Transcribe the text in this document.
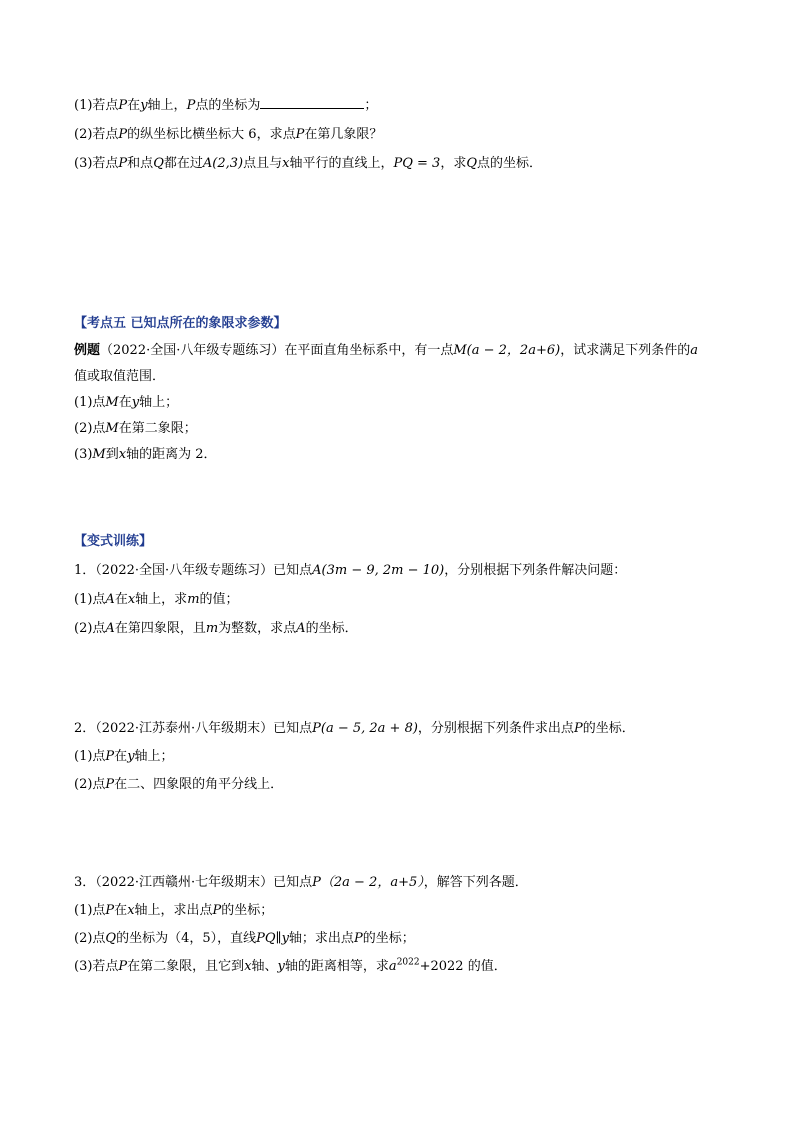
(1)若点P在y轴上，P点的坐标为	；
(2)若点P的纵坐标比横坐标大 6，求点P在第几象限？
(3)若点P和点Q都在过A(2,3)点且与x轴平行的直线上，PQ = 3，求Q点的坐标．
【考点五 已知点所在的象限求参数】
例题（2022·全国·八年级专题练习）在平面直角坐标系中，有一点M(a − 2，2a+6)，试求满足下列条件的a
值或取值范围．
(1)点M在y轴上；
(2)点M在第二象限；
(3)M到x轴的距离为 2．
【变式训练】
1．（2022·全国·八年级专题练习）已知点A(3m − 9, 2m − 10)，分别根据下列条件解决问题：
(1)点A在x轴上，求m的值；
(2)点A在第四象限，且m为整数，求点A的坐标．
2．（2022·江苏泰州·八年级期末）已知点P(a − 5, 2a + 8)，分别根据下列条件求出点P的坐标．
(1)点P在y轴上；
(2)点P在二、四象限的角平分线上．
3．（2022·江西赣州·七年级期末）已知点P（2a − 2，a+5），解答下列各题．
(1)点P在x轴上，求出点P的坐标；
(2)点Q的坐标为（4，5），直线PQ∥y轴；求出点P的坐标；
(3)若点P在第二象限，且它到x轴、y轴的距离相等，求$a^{2022}+2022$ 的值．
